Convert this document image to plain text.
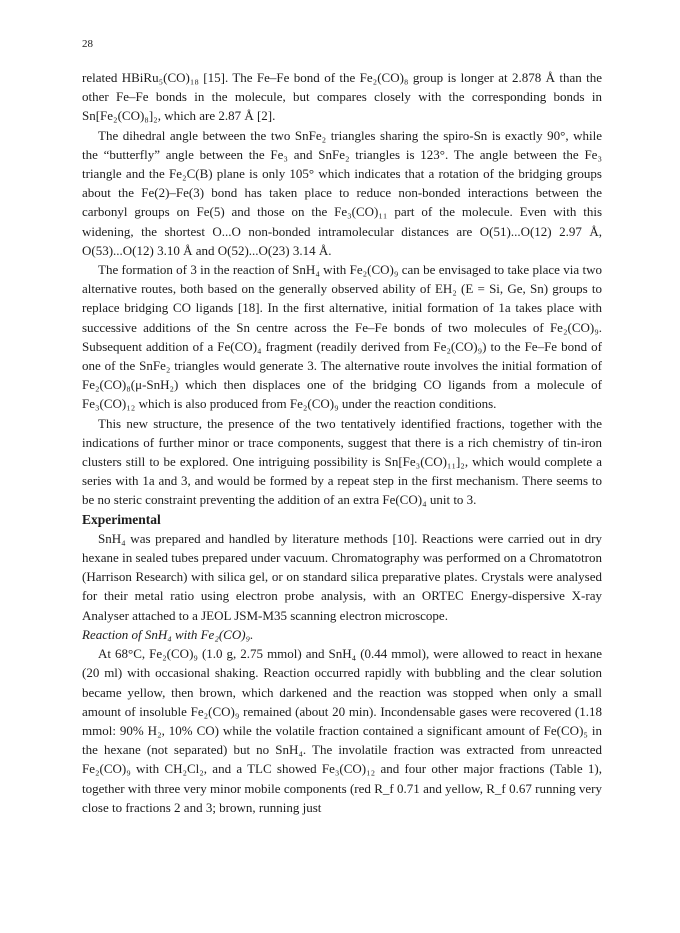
28

related HBiRu₅(CO)₁₈ [15]. The Fe–Fe bond of the Fe₂(CO)₈ group is longer at 2.878 Å than the other Fe–Fe bonds in the molecule, but compares closely with the corresponding bonds in Sn[Fe₂(CO)₈]₂, which are 2.87 Å [2].

The dihedral angle between the two SnFe₂ triangles sharing the spiro-Sn is exactly 90°, while the “butterfly” angle between the Fe₃ and SnFe₂ triangles is 123°. The angle between the Fe₃ triangle and the Fe₂C(B) plane is only 105° which indicates that a rotation of the bridging groups about the Fe(2)–Fe(3) bond has taken place to reduce non-bonded interactions between the carbonyl groups on Fe(5) and those on the Fe₃(CO)₁₁ part of the molecule. Even with this widening, the shortest O...O non-bonded intramolecular distances are O(51)...O(12) 2.97 Å, O(53)...O(12) 3.10 Å and O(52)...O(23) 3.14 Å.

The formation of 3 in the reaction of SnH₄ with Fe₂(CO)₉ can be envisaged to take place via two alternative routes, both based on the generally observed ability of EH₂ (E = Si, Ge, Sn) groups to replace bridging CO ligands [18]. In the first alternative, initial formation of 1a takes place with successive additions of the Sn centre across the Fe–Fe bonds of two molecules of Fe₂(CO)₉. Subsequent addition of a Fe(CO)₄ fragment (readily derived from Fe₂(CO)₉) to the Fe–Fe bond of one of the SnFe₂ triangles would generate 3. The alternative route involves the initial formation of Fe₂(CO)₈(μ-SnH₂) which then displaces one of the bridging CO ligands from a molecule of Fe₃(CO)₁₂ which is also produced from Fe₂(CO)₉ under the reaction conditions.

This new structure, the presence of the two tentatively identified fractions, together with the indications of further minor or trace components, suggest that there is a rich chemistry of tin-iron clusters still to be explored. One intriguing possibility is Sn[Fe₃(CO)₁₁]₂, which would complete a series with 1a and 3, and would be formed by a repeat step in the first mechanism. There seems to be no steric constraint preventing the addition of an extra Fe(CO)₄ unit to 3.

Experimental

SnH₄ was prepared and handled by literature methods [10]. Reactions were carried out in dry hexane in sealed tubes prepared under vacuum. Chromatography was performed on a Chromatotron (Harrison Research) with silica gel, or on standard silica preparative plates. Crystals were analysed for their metal ratio using electron probe analysis, with an ORTEC Energy-dispersive X-ray Analyser attached to a JEOL JSM-M35 scanning electron microscope.

Reaction of SnH₄ with Fe₂(CO)₉.

At 68°C, Fe₂(CO)₉ (1.0 g, 2.75 mmol) and SnH₄ (0.44 mmol), were allowed to react in hexane (20 ml) with occasional shaking. Reaction occurred rapidly with bubbling and the clear solution became yellow, then brown, which darkened and the reaction was stopped when only a small amount of insoluble Fe₂(CO)₉ remained (about 20 min). Incondensable gases were recovered (1.18 mmol: 90% H₂, 10% CO) while the volatile fraction contained a significant amount of Fe(CO)₅ in the hexane (not separated) but no SnH₄. The involatile fraction was extracted from unreacted Fe₂(CO)₉ with CH₂Cl₂, and a TLC showed Fe₃(CO)₁₂ and four other major fractions (Table 1), together with three very minor mobile components (red R_f 0.71 and yellow, R_f 0.67 running very close to fractions 2 and 3; brown, running just
